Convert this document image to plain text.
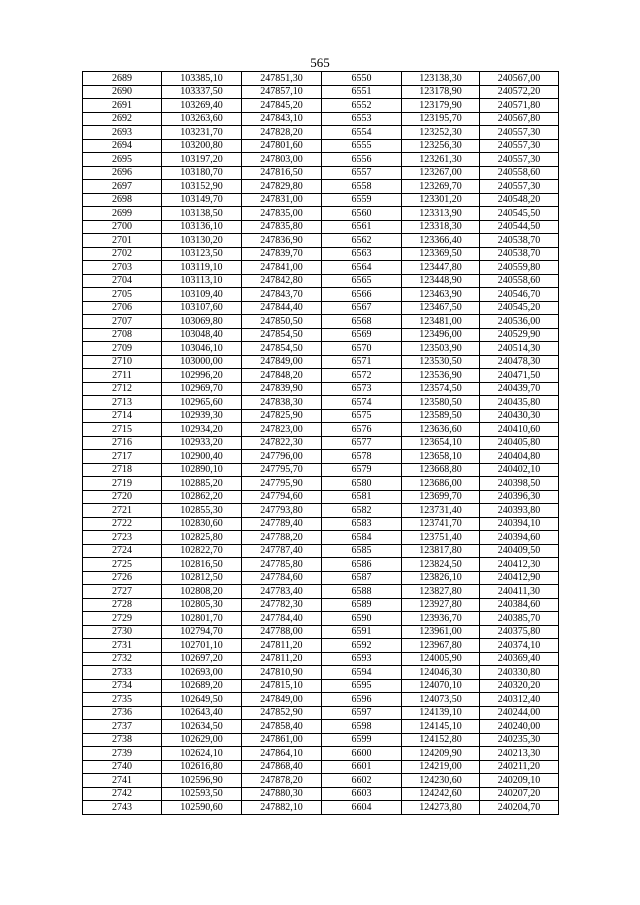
565
2689	103385,10	247851,30	6550	123138,30	240567,00
2690	103337,50	247857,10	6551	123178,90	240572,20
2691	103269,40	247845,20	6552	123179,90	240571,80
2692	103263,60	247843,10	6553	123195,70	240567,80
2693	103231,70	247828,20	6554	123252,30	240557,30
2694	103200,80	247801,60	6555	123256,30	240557,30
2695	103197,20	247803,00	6556	123261,30	240557,30
2696	103180,70	247816,50	6557	123267,00	240558,60
2697	103152,90	247829,80	6558	123269,70	240557,30
2698	103149,70	247831,00	6559	123301,20	240548,20
2699	103138,50	247835,00	6560	123313,90	240545,50
2700	103136,10	247835,80	6561	123318,30	240544,50
2701	103130,20	247836,90	6562	123366,40	240538,70
2702	103123,50	247839,70	6563	123369,50	240538,70
2703	103119,10	247841,00	6564	123447,80	240559,80
2704	103113,10	247842,80	6565	123448,90	240558,60
2705	103109,40	247843,70	6566	123463,90	240546,70
2706	103107,60	247844,40	6567	123467,50	240545,20
2707	103069,80	247850,50	6568	123481,00	240536,00
2708	103048,40	247854,50	6569	123496,00	240529,90
2709	103046,10	247854,50	6570	123503,90	240514,30
2710	103000,00	247849,00	6571	123530,50	240478,30
2711	102996,20	247848,20	6572	123536,90	240471,50
2712	102969,70	247839,90	6573	123574,50	240439,70
2713	102965,60	247838,30	6574	123580,50	240435,80
2714	102939,30	247825,90	6575	123589,50	240430,30
2715	102934,20	247823,00	6576	123636,60	240410,60
2716	102933,20	247822,30	6577	123654,10	240405,80
2717	102900,40	247796,00	6578	123658,10	240404,80
2718	102890,10	247795,70	6579	123668,80	240402,10
2719	102885,20	247795,90	6580	123686,00	240398,50
2720	102862,20	247794,60	6581	123699,70	240396,30
2721	102855,30	247793,80	6582	123731,40	240393,80
2722	102830,60	247789,40	6583	123741,70	240394,10
2723	102825,80	247788,20	6584	123751,40	240394,60
2724	102822,70	247787,40	6585	123817,80	240409,50
2725	102816,50	247785,80	6586	123824,50	240412,30
2726	102812,50	247784,60	6587	123826,10	240412,90
2727	102808,20	247783,40	6588	123827,80	240411,30
2728	102805,30	247782,30	6589	123927,80	240384,60
2729	102801,70	247784,40	6590	123936,70	240385,70
2730	102794,70	247788,00	6591	123961,00	240375,80
2731	102701,10	247811,20	6592	123967,80	240374,10
2732	102697,20	247811,20	6593	124005,90	240369,40
2733	102693,00	247810,90	6594	124046,30	240330,80
2734	102689,20	247815,10	6595	124070,10	240320,20
2735	102649,50	247849,00	6596	124073,50	240312,40
2736	102643,40	247852,90	6597	124139,10	240244,00
2737	102634,50	247858,40	6598	124145,10	240240,00
2738	102629,00	247861,00	6599	124152,80	240235,30
2739	102624,10	247864,10	6600	124209,90	240213,30
2740	102616,80	247868,40	6601	124219,00	240211,20
2741	102596,90	247878,20	6602	124230,60	240209,10
2742	102593,50	247880,30	6603	124242,60	240207,20
2743	102590,60	247882,10	6604	124273,80	240204,70
